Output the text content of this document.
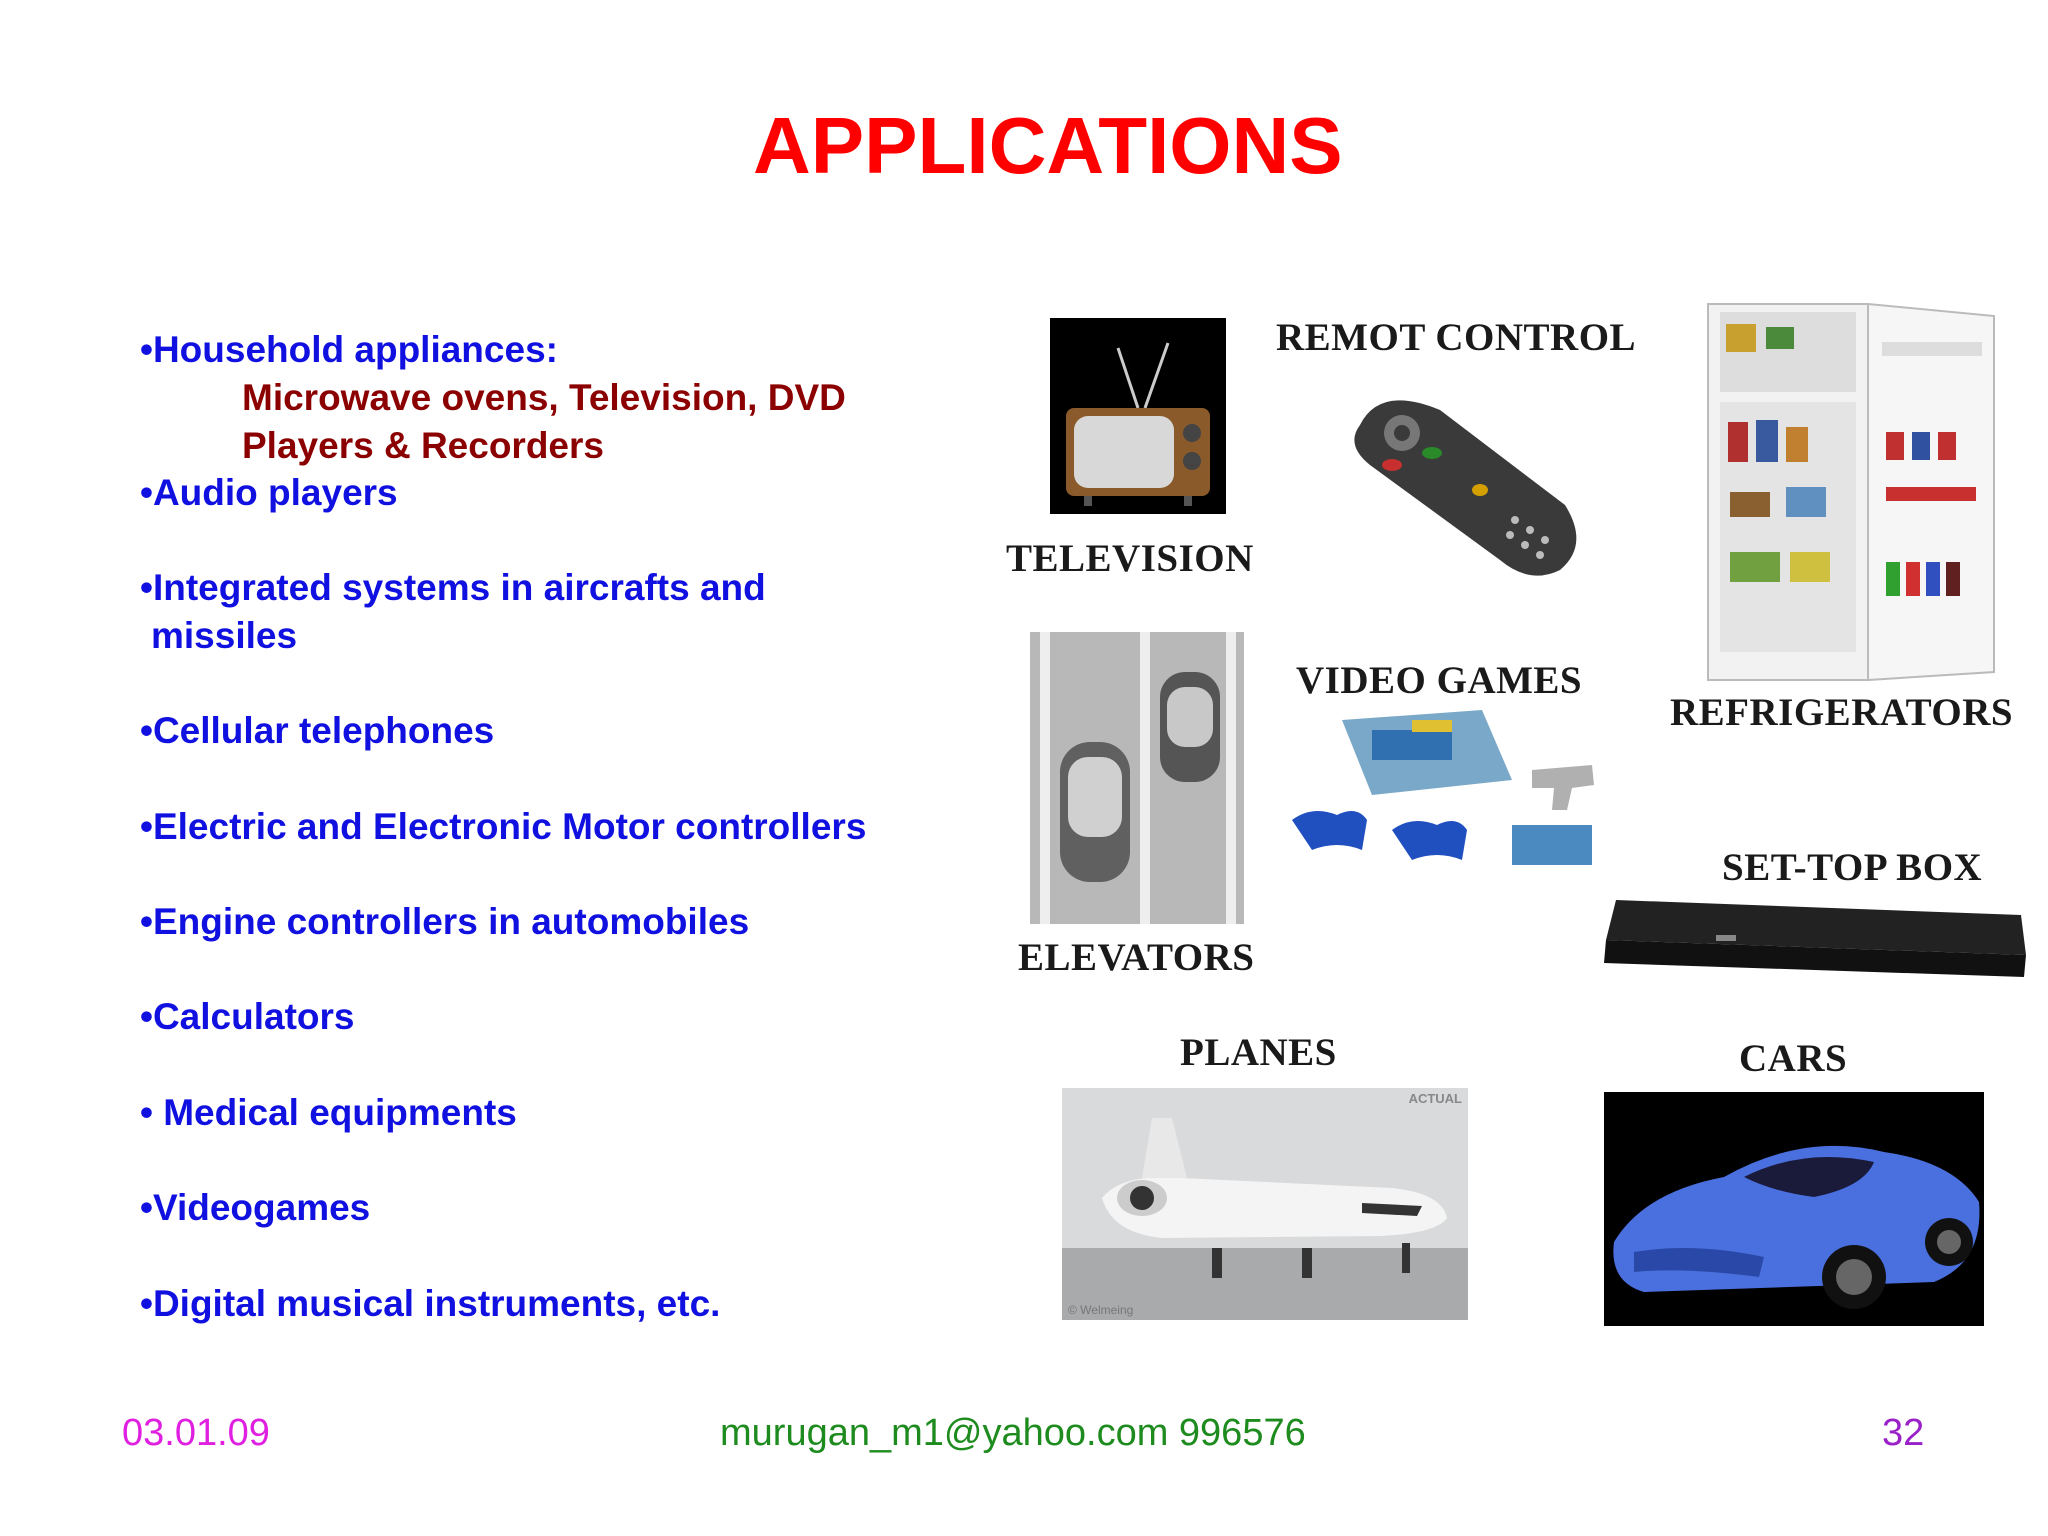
APPLICATIONS
•Household appliances:
Microwave ovens, Television, DVD
Players & Recorders
•Audio players
•Integrated systems in aircrafts and
missiles
•Cellular telephones
•Electric and Electronic Motor controllers
•Engine controllers in automobiles
•Calculators
• Medical equipments
•Videogames
•Digital musical instruments, etc.
TELEVISION
REMOT CONTROL
REFRIGERATORS
ELEVATORS
VIDEO GAMES
SET-TOP BOX
PLANES
ACTUAL
© Welmeing
CARS
03.01.09	murugan_m1@yahoo.com 996576	32
